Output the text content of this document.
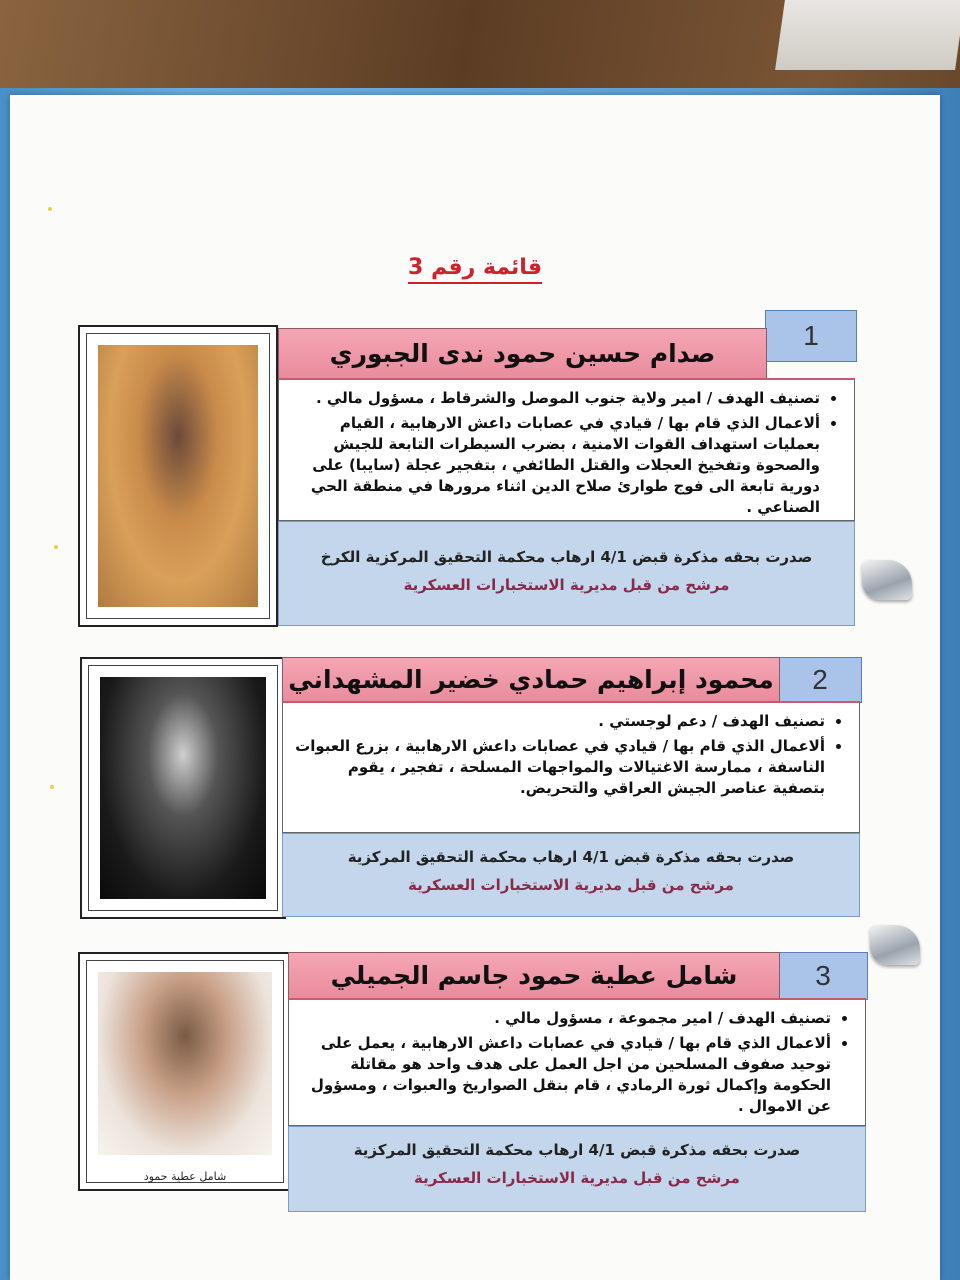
قائمة رقم 3
1
صدام حسين حمود ندى الجبوري
• تصنيف الهدف / امير ولاية جنوب الموصل والشرقاط ، مسؤول مالي .
• ألاعمال الذي قام بها / قيادي في عصابات داعش الارهابية ، القيام بعمليات استهداف القوات الامنية ، بضرب السيطرات التابعة للجيش والصحوة وتفخيخ العجلات والقتل الطائفي ، بتفجير عجلة (سايبا) على دورية تابعة الى فوج طوارئ صلاح الدين اثناء مرورها في منطقة الحي الصناعي .
صدرت بحقه مذكرة قبض 4/1 ارهاب محكمة التحقيق المركزية الكرخ
مرشح من قبل مديرية الاستخبارات العسكرية
2
محمود إبراهيم حمادي خضير المشهداني
• تصنيف الهدف / دعم لوجستي .
• ألاعمال الذي قام بها / قيادي في عصابات داعش الارهابية ، بزرع العبوات الناسفة ، ممارسة الاغتيالات والمواجهات المسلحة ، تفجير ، يقوم بتصفية عناصر الجيش العراقي والتحريض.
صدرت بحقه مذكرة قبض 4/1 ارهاب محكمة التحقيق المركزية
مرشح من قبل مديرية الاستخبارات العسكرية
شامل عطية حمود
3
شامل عطية حمود جاسم الجميلي
• تصنيف الهدف / امير مجموعة ، مسؤول مالي .
• ألاعمال الذي قام بها / قيادي في عصابات داعش الارهابية ، يعمل على توحيد صفوف المسلحين من اجل العمل على هدف واحد هو مقاتلة الحكومة وإكمال ثورة الرمادي ، قام بنقل الصواريخ والعبوات ، ومسؤول عن الاموال .
صدرت بحقه مذكرة قبض 4/1 ارهاب محكمة التحقيق المركزية
مرشح من قبل مديرية الاستخبارات العسكرية
